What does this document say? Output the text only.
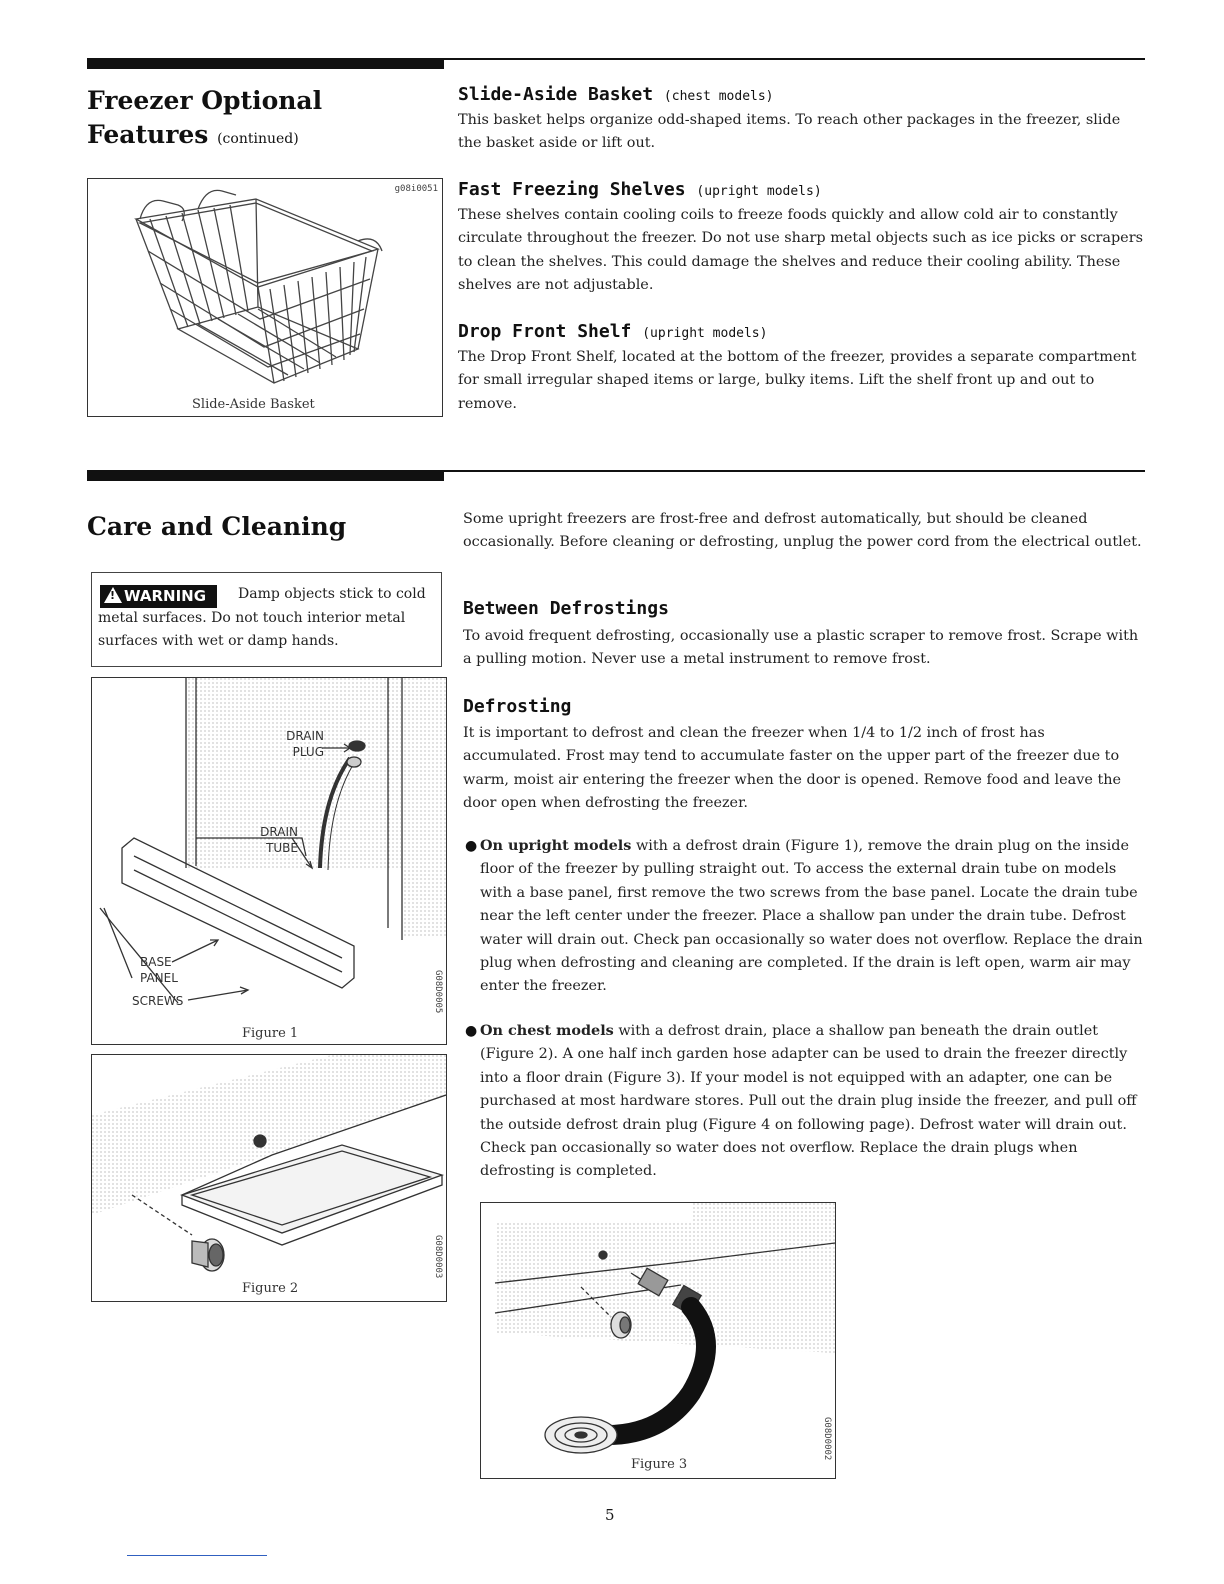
Freezer Optional
Features (continued)
g08i0051
Slide-Aside Basket
Slide-Aside Basket (chest models)
This basket helps organize odd-shaped items. To reach other packages in the freezer, slide the basket aside or lift out.
Fast Freezing Shelves (upright models)
These shelves contain cooling coils to freeze foods quickly and allow cold air to constantly circulate throughout the freezer. Do not use sharp metal objects such as ice picks or scrapers to clean the shelves. This could damage the shelves and reduce their cooling ability. These shelves are not adjustable.
Drop Front Shelf (upright models)
The Drop Front Shelf, located at the bottom of the freezer, provides a separate compartment for small irregular shaped items or large, bulky items. Lift the shelf front up and out to remove.
Care and Cleaning
Damp objects stick to cold metal surfaces. Do not touch interior metal surfaces with wet or damp hands.
! WARNING
DRAIN PLUG
DRAIN TUBE
BASE PANEL
SCREWS
Figure 1
G08D0005
Figure 2
G08D0003
Some upright freezers are frost-free and defrost automatically, but should be cleaned occasionally. Before cleaning or defrosting, unplug the power cord from the electrical outlet.
Between Defrostings
To avoid frequent defrosting, occasionally use a plastic scraper to remove frost. Scrape with a pulling motion. Never use a metal instrument to remove frost.
Defrosting
It is important to defrost and clean the freezer when 1/4 to 1/2 inch of frost has accumulated. Frost may tend to accumulate faster on the upper part of the freezer due to warm, moist air entering the freezer when the door is opened. Remove food and leave the door open when defrosting the freezer.
● On upright models with a defrost drain (Figure 1), remove the drain plug on the inside floor of the freezer by pulling straight out. To access the external drain tube on models with a base panel, first remove the two screws from the base panel. Locate the drain tube near the left center under the freezer. Place a shallow pan under the drain tube. Defrost water will drain out. Check pan occasionally so water does not overflow. Replace the drain plug when defrosting and cleaning are completed. If the drain is left open, warm air may enter the freezer.
● On chest models with a defrost drain, place a shallow pan beneath the drain outlet (Figure 2). A one half inch garden hose adapter can be used to drain the freezer directly into a floor drain (Figure 3). If your model is not equipped with an adapter, one can be purchased at most hardware stores. Pull out the drain plug inside the freezer, and pull off the outside defrost drain plug (Figure 4 on following page). Defrost water will drain out. Check pan occasionally so water does not overflow. Replace the drain plugs when defrosting is completed.
Figure 3
G08D0002
5
